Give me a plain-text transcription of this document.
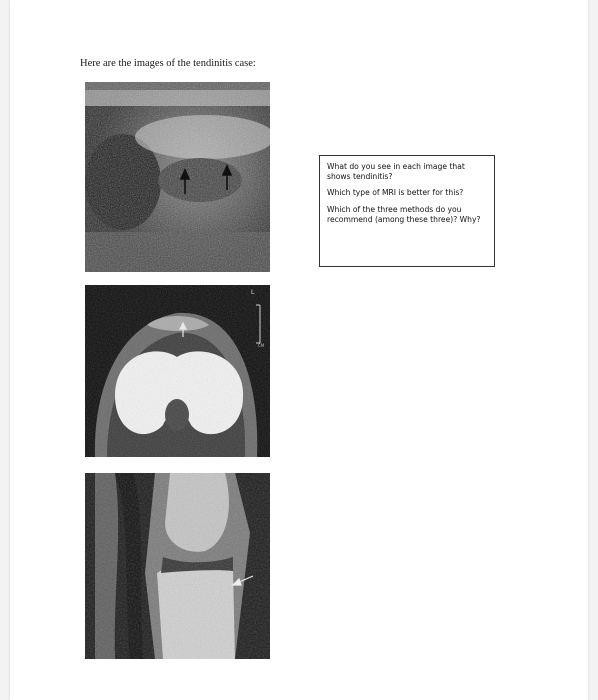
Here are the images of the tendinitis case:
L
CM

What do you see in each image that shows tendinitis?

Which type of MRI is better for this?

Which of the three methods do you recommend (among these three)? Why?
